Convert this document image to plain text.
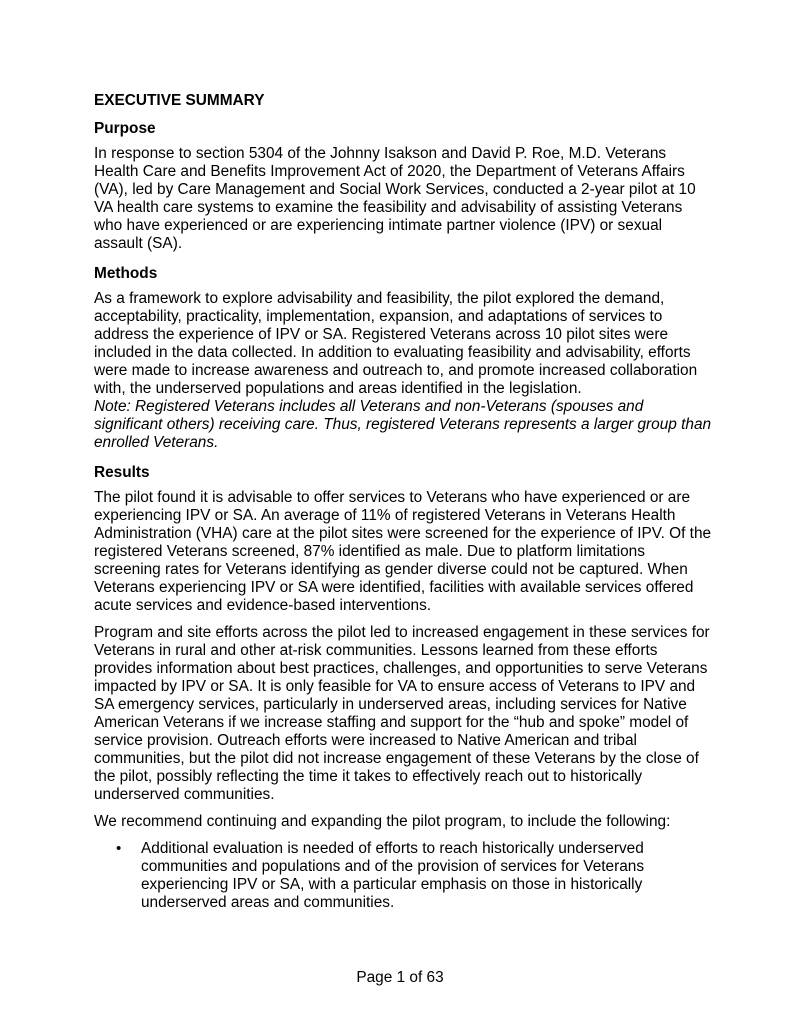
EXECUTIVE SUMMARY
Purpose

In response to section 5304 of the Johnny Isakson and David P. Roe, M.D. Veterans Health Care and Benefits Improvement Act of 2020, the Department of Veterans Affairs (VA), led by Care Management and Social Work Services, conducted a 2-year pilot at 10 VA health care systems to examine the feasibility and advisability of assisting Veterans who have experienced or are experiencing intimate partner violence (IPV) or sexual assault (SA).

Methods

As a framework to explore advisability and feasibility, the pilot explored the demand, acceptability, practicality, implementation, expansion, and adaptations of services to address the experience of IPV or SA. Registered Veterans across 10 pilot sites were included in the data collected. In addition to evaluating feasibility and advisability, efforts were made to increase awareness and outreach to, and promote increased collaboration with, the underserved populations and areas identified in the legislation.

Note: Registered Veterans includes all Veterans and non-Veterans (spouses and significant others) receiving care. Thus, registered Veterans represents a larger group than enrolled Veterans.

Results

The pilot found it is advisable to offer services to Veterans who have experienced or are experiencing IPV or SA. An average of 11% of registered Veterans in Veterans Health Administration (VHA) care at the pilot sites were screened for the experience of IPV. Of the registered Veterans screened, 87% identified as male. Due to platform limitations screening rates for Veterans identifying as gender diverse could not be captured. When Veterans experiencing IPV or SA were identified, facilities with available services offered acute services and evidence-based interventions.

Program and site efforts across the pilot led to increased engagement in these services for Veterans in rural and other at-risk communities. Lessons learned from these efforts provides information about best practices, challenges, and opportunities to serve Veterans impacted by IPV or SA. It is only feasible for VA to ensure access of Veterans to IPV and SA emergency services, particularly in underserved areas, including services for Native American Veterans if we increase staffing and support for the “hub and spoke” model of service provision. Outreach efforts were increased to Native American and tribal communities, but the pilot did not increase engagement of these Veterans by the close of the pilot, possibly reflecting the time it takes to effectively reach out to historically underserved communities.

We recommend continuing and expanding the pilot program, to include the following:

• Additional evaluation is needed of efforts to reach historically underserved communities and populations and of the provision of services for Veterans experiencing IPV or SA, with a particular emphasis on those in historically underserved areas and communities.
Page 1 of 63
